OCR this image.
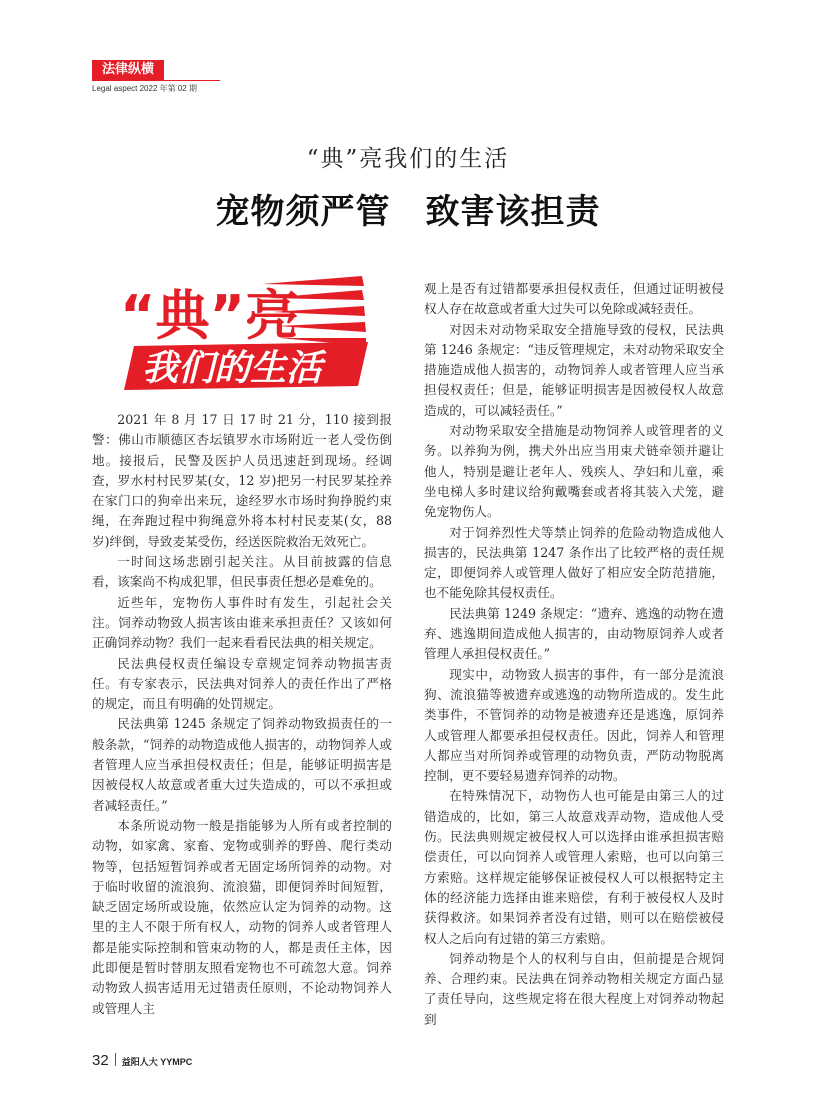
法律纵横
Legal aspect 2022 年第 02 期
“典”亮我们的生活
宠物须严管　致害该担责
“典”亮
我们的生活

2021 年 8 月 17 日 17 时 21 分，110 接到报警：佛山市顺德区杏坛镇罗水市场附近一老人受伤倒地。接报后，民警及医护人员迅速赶到现场。经调查，罗水村村民罗某(女，12 岁)把另一村民罗某拴养在家门口的狗牵出来玩，途经罗水市场时狗挣脱约束绳，在奔跑过程中狗绳意外将本村村民麦某(女，88 岁)绊倒，导致麦某受伤，经送医院救治无效死亡。

一时间这场悲剧引起关注。从目前披露的信息看，该案尚不构成犯罪，但民事责任想必是难免的。

近些年，宠物伤人事件时有发生，引起社会关注。饲养动物致人损害该由谁来承担责任？又该如何正确饲养动物？我们一起来看看民法典的相关规定。

民法典侵权责任编设专章规定饲养动物损害责任。有专家表示，民法典对饲养人的责任作出了严格的规定，而且有明确的处罚规定。

民法典第 1245 条规定了饲养动物致损责任的一般条款，“饲养的动物造成他人损害的，动物饲养人或者管理人应当承担侵权责任；但是，能够证明损害是因被侵权人故意或者重大过失造成的，可以不承担或者减轻责任。”

本条所说动物一般是指能够为人所有或者控制的动物，如家禽、家畜、宠物或驯养的野兽、爬行类动物等，包括短暂饲养或者无固定场所饲养的动物。对于临时收留的流浪狗、流浪猫，即便饲养时间短暂，缺乏固定场所或设施，依然应认定为饲养的动物。这里的主人不限于所有权人，动物的饲养人或者管理人都是能实际控制和管束动物的人，都是责任主体，因此即便是暂时替朋友照看宠物也不可疏忽大意。饲养动物致人损害适用无过错责任原则，不论动物饲养人或管理人主

观上是否有过错都要承担侵权责任，但通过证明被侵权人存在故意或者重大过失可以免除或减轻责任。

对因未对动物采取安全措施导致的侵权，民法典第 1246 条规定：“违反管理规定，未对动物采取安全措施造成他人损害的，动物饲养人或者管理人应当承担侵权责任；但是，能够证明损害是因被侵权人故意造成的，可以减轻责任。”

对动物采取安全措施是动物饲养人或管理者的义务。以养狗为例，携犬外出应当用束犬链牵领并避让他人，特别是避让老年人、残疾人、孕妇和儿童，乘坐电梯人多时建议给狗戴嘴套或者将其装入犬笼，避免宠物伤人。

对于饲养烈性犬等禁止饲养的危险动物造成他人损害的，民法典第 1247 条作出了比较严格的责任规定，即便饲养人或管理人做好了相应安全防范措施，也不能免除其侵权责任。

民法典第 1249 条规定：“遗弃、逃逸的动物在遗弃、逃逸期间造成他人损害的，由动物原饲养人或者管理人承担侵权责任。”

现实中，动物致人损害的事件，有一部分是流浪狗、流浪猫等被遗弃或逃逸的动物所造成的。发生此类事件，不管饲养的动物是被遗弃还是逃逸，原饲养人或管理人都要承担侵权责任。因此，饲养人和管理人都应当对所饲养或管理的动物负责，严防动物脱离控制，更不要轻易遗弃饲养的动物。

在特殊情况下，动物伤人也可能是由第三人的过错造成的，比如，第三人故意戏弄动物，造成他人受伤。民法典则规定被侵权人可以选择由谁承担损害赔偿责任，可以向饲养人或管理人索赔，也可以向第三方索赔。这样规定能够保证被侵权人可以根据特定主体的经济能力选择由谁来赔偿，有利于被侵权人及时获得救济。如果饲养者没有过错，则可以在赔偿被侵权人之后向有过错的第三方索赔。

饲养动物是个人的权利与自由，但前提是合规饲养、合理约束。民法典在饲养动物相关规定方面凸显了责任导向，这些规定将在很大程度上对饲养动物起到

32 益阳人大 YYMPC
